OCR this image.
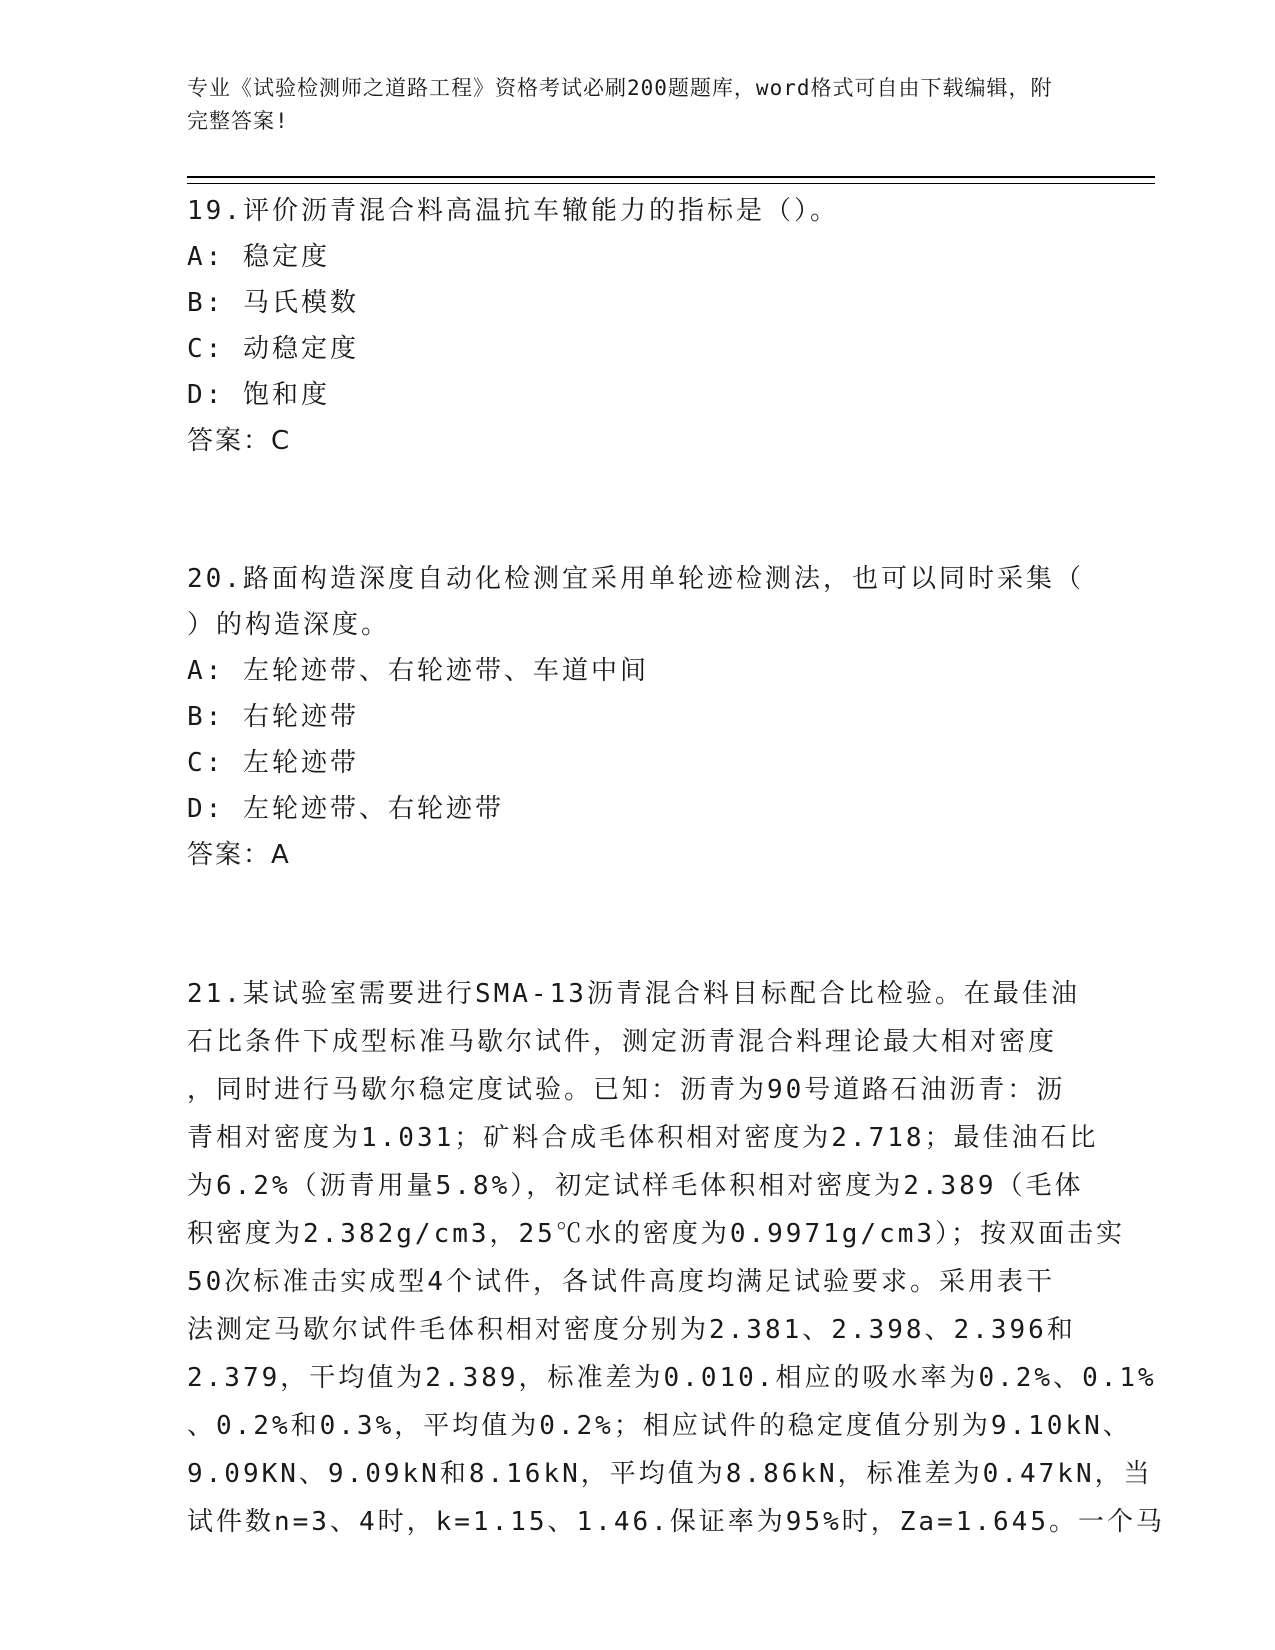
专业《试验检测师之道路工程》资格考试必刷200题题库，word格式可自由下载编辑，附完整答案!
19.评价沥青混合料高温抗车辙能力的指标是（）。
A: 稳定度
B: 马氏模数
C: 动稳定度
D: 饱和度
答案：C
20.路面构造深度自动化检测宜采用单轮迹检测法，也可以同时采集（
）的构造深度。
A: 左轮迹带、右轮迹带、车道中间
B: 右轮迹带
C: 左轮迹带
D: 左轮迹带、右轮迹带
答案：A
21.某试验室需要进行SMA-13沥青混合料目标配合比检验。在最佳油
石比条件下成型标准马歇尔试件，测定沥青混合料理论最大相对密度
，同时进行马歇尔稳定度试验。已知：沥青为90号道路石油沥青：沥
青相对密度为1.031；矿料合成毛体积相对密度为2.718；最佳油石比
为6.2%（沥青用量5.8%），初定试样毛体积相对密度为2.389（毛体
积密度为2.382g/cm3，25℃水的密度为0.9971g/cm3）；按双面击实
50次标准击实成型4个试件，各试件高度均满足试验要求。采用表干
法测定马歇尔试件毛体积相对密度分别为2.381、2.398、2.396和
2.379，干均值为2.389，标准差为0.010.相应的吸水率为0.2%、0.1%
、0.2%和0.3%，平均值为0.2%；相应试件的稳定度值分别为9.10kN、
9.09KN、9.09kN和8.16kN，平均值为8.86kN，标准差为0.47kN，当
试件数n=3、4时，k=1.15、1.46.保证率为95%时，Za=1.645。一个马
